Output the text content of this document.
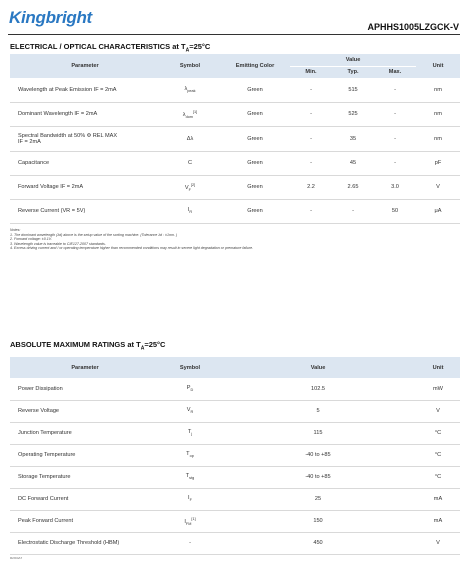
Kingbright	APHHS1005LZGCK-V
ELECTRICAL / OPTICAL CHARACTERISTICS at $T_A=25^\circ C$
Parameter	Symbol	Emitting Color	Value			Unit
			Min.	Typ.	Max.	

Wavelength at Peak Emission IF = 2mA	$\lambda_{peak}$	Green	-	515	-	nm

Dominant Wavelength IF = 2mA	$\lambda_{dom}[1]$	Green	-	525	-	nm

Spectral Bandwidth at 50% Φ REL MAX
IF = 2mA	Δλ	Green	-	35	-	nm

Capacitance	C	Green	-	45	-	pF

Forward Voltage IF = 2mA	$V_F[2]$	Green	2.2	2.65	3.0	V

Reverse Current (VR = 5V)	$I_R$	Green	-	-	50	μA
Notes:
1. The dominant wavelength (λd) above is the setup value of the sorting machine. (Tolerance λd : ±1nm. )
2. Forward voltage: ±0.1V.
3. Wavelength value is traceable to CIE127-2007 standards.
4. Excess driving current and / or operating temperature higher than recommended conditions may result in severe light degradation or premature failure.
ABSOLUTE MAXIMUM RATINGS at $T_A=25^\circ C$
Parameter	Symbol	Value	Unit
Power Dissipation	$P_D$	102.5	mW
Reverse Voltage	$V_R$	5	V
Junction Temperature	$T_j$	115	°C
Operating Temperature	$T_{op}$	-40 to +85	°C
Storage Temperature	$T_{stg}$	-40 to +85	°C
DC Forward Current	$I_F$	25	mA
Peak Forward Current	$I_{FM}[1]$	150	mA
Electrostatic Discharge Threshold (HBM)	-	450	V
R2/D4A7
